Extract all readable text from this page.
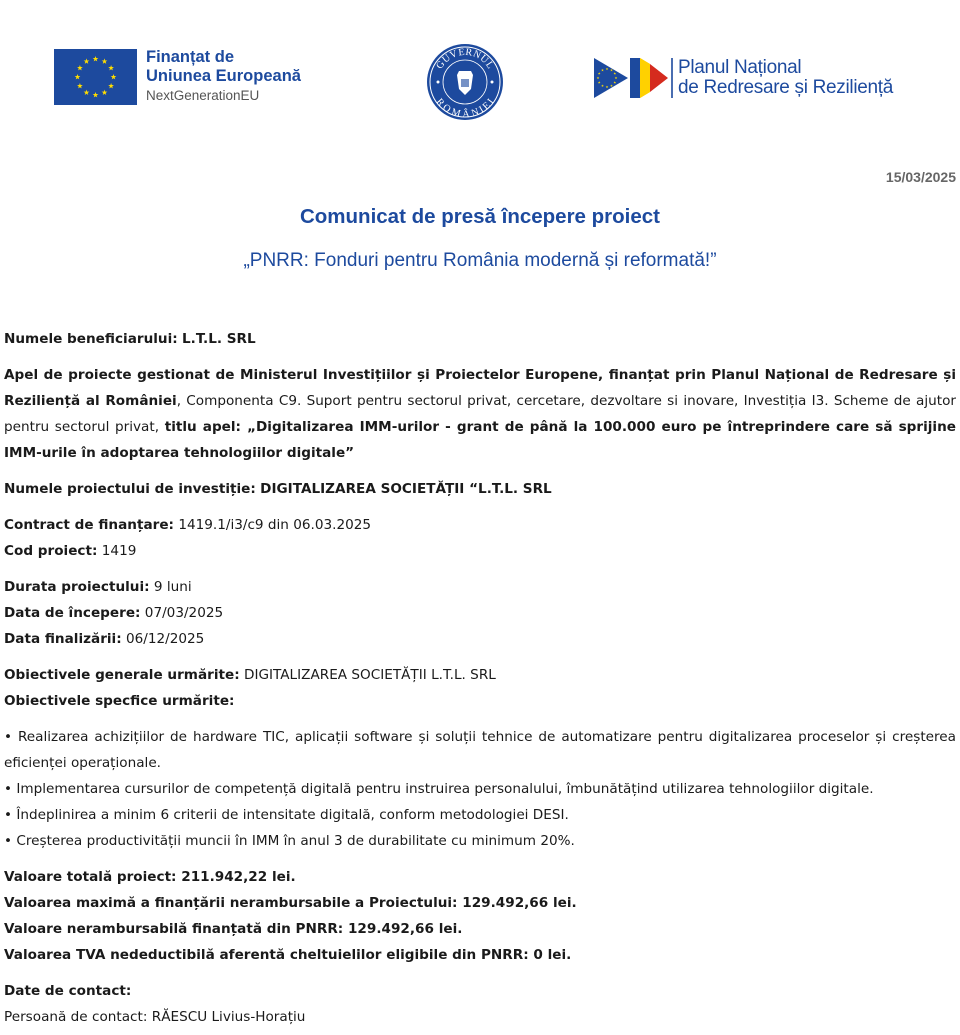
Finanțat de
Uniunea Europeană
NextGenerationEU
GUVERNUL
ROMÂNIEI
Planul Național
de Redresare și Reziliență
15/03/2025
Comunicat de presă începere proiect
„PNRR: Fonduri pentru România modernă și reformată!”

Numele beneficiarului: L.T.L. SRL

Apel de proiecte gestionat de Ministerul Investițiilor și Proiectelor Europene, finanțat prin Planul Național de Redresare și Reziliență al României, Componenta C9. Suport pentru sectorul privat, cercetare, dezvoltare si inovare, Investiția I3. Scheme de ajutor pentru sectorul privat, titlu apel: „Digitalizarea IMM-urilor - grant de până la 100.000 euro pe întreprindere care să sprijine IMM-urile în adoptarea tehnologiilor digitale”

Numele proiectului de investiție: DIGITALIZAREA SOCIETĂȚII “L.T.L. SRL

Contract de finanțare: 1419.1/i3/c9 din 06.03.2025

Cod proiect: 1419

Durata proiectului: 9 luni

Data de începere: 07/03/2025

Data finalizării: 06/12/2025

Obiectivele generale urmărite: DIGITALIZAREA SOCIETĂȚII L.T.L. SRL

Obiectivele specfice urmărite:

• Realizarea achizițiilor de hardware TIC, aplicații software și soluții tehnice de automatizare pentru digitalizarea proceselor și creșterea eficienței operaționale.

• Implementarea cursurilor de competență digitală pentru instruirea personalului, îmbunătățind utilizarea tehnologiilor digitale.

• Îndeplinirea a minim 6 criterii de intensitate digitală, conform metodologiei DESI.

• Creșterea productivității muncii în IMM în anul 3 de durabilitate cu minimum 20%.

Valoare totală proiect: 211.942,22 lei.

Valoarea maximă a finanțării nerambursabile a Proiectului: 129.492,66 lei.

Valoare nerambursabilă finanțată din PNRR: 129.492,66 lei.

Valoarea TVA nedeductibilă aferentă cheltuielilor eligibile din PNRR: 0 lei.

Date de contact:

Persoană de contact: RĂESCU Livius-Horațiu
